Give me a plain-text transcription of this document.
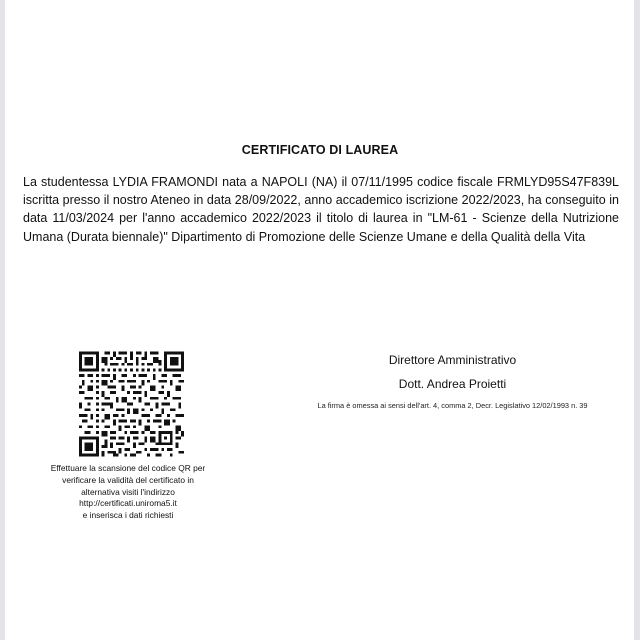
CERTIFICATO DI LAUREA
La studentessa LYDIA FRAMONDI nata a NAPOLI (NA) il 07/11/1995 codice fiscale FRMLYD95S47F839L iscritta presso il nostro Ateneo in data 28/09/2022, anno accademico iscrizione 2022/2023, ha conseguito in data 11/03/2024 per l'anno accademico 2022/2023 il titolo di laurea in "LM-61 - Scienze della Nutrizione Umana (Durata biennale)" Dipartimento di Promozione delle Scienze Umane e della Qualità della Vita
Effettuare la scansione del codice QR per
verificare la validità del certificato in
alternativa visiti l'indirizzo
http://certificati.uniroma5.it
e inserisca i dati richiesti
Direttore Amministrativo
Dott. Andrea Proietti
La firma è omessa ai sensi dell'art. 4, comma 2, Decr. Legislativo 12/02/1993 n. 39
